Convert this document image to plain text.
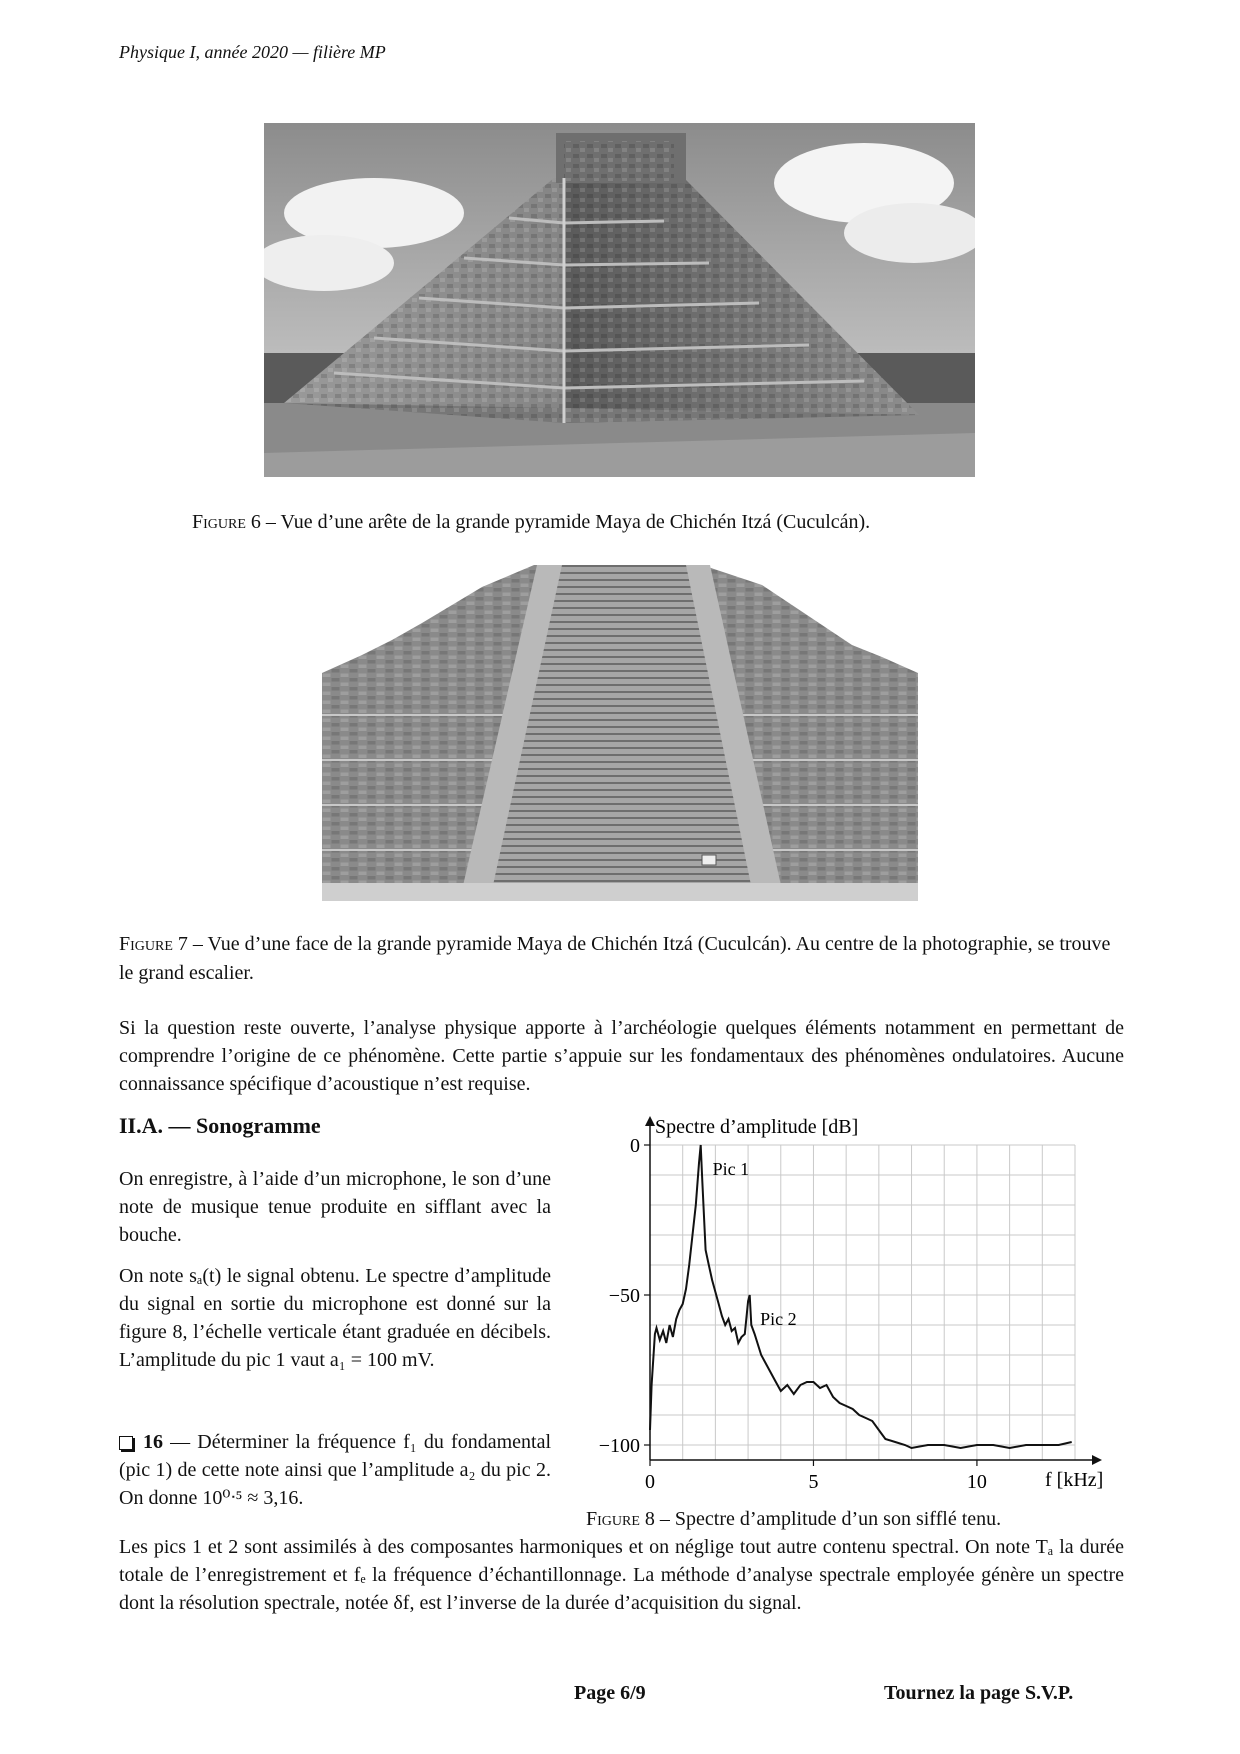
Physique I, année 2020 — filière MP
Figure 6 – Vue d’une arête de la grande pyramide Maya de Chichén Itzá (Cuculcán).
Figure 7 – Vue d’une face de la grande pyramide Maya de Chichén Itzá (Cuculcán). Au centre de la photographie, se trouve le grand escalier.
Si la question reste ouverte, l’analyse physique apporte à l’archéologie quelques éléments notamment en permettant de comprendre l’origine de ce phénomène. Cette partie s’appuie sur les fondamentaux des phénomènes ondulatoires. Aucune connaissance spécifique d’acoustique n’est requise.
II.A. — Sonogramme
On enregistre, à l’aide d’un microphone, le son d’une note de musique tenue produite en sifflant avec la bouche.
On note sₐ(t) le signal obtenu. Le spectre d’amplitude du signal en sortie du microphone est donné sur la figure 8, l’échelle verticale étant graduée en décibels. L’amplitude du pic 1 vaut a₁ = 100 mV.
16 — Déterminer la fréquence f₁ du fondamental (pic 1) de cette note ainsi que l’amplitude a₂ du pic 2. On donne 10⁰ᐧ⁵ ≈ 3,16.
Spectre d’amplitude [dB]
f [kHz]
0	5	10
0
−50
−100
Pic 1
Pic 2
Figure 8 – Spectre d’amplitude d’un son sifflé tenu.
Les pics 1 et 2 sont assimilés à des composantes harmoniques et on néglige tout autre contenu spectral. On note Tₐ la durée totale de l’enregistrement et fₑ la fréquence d’échantillonnage. La méthode d’analyse spectrale employée génère un spectre dont la résolution spectrale, notée δf, est l’inverse de la durée d’acquisition du signal.
Page 6/9	Tournez la page S.V.P.
